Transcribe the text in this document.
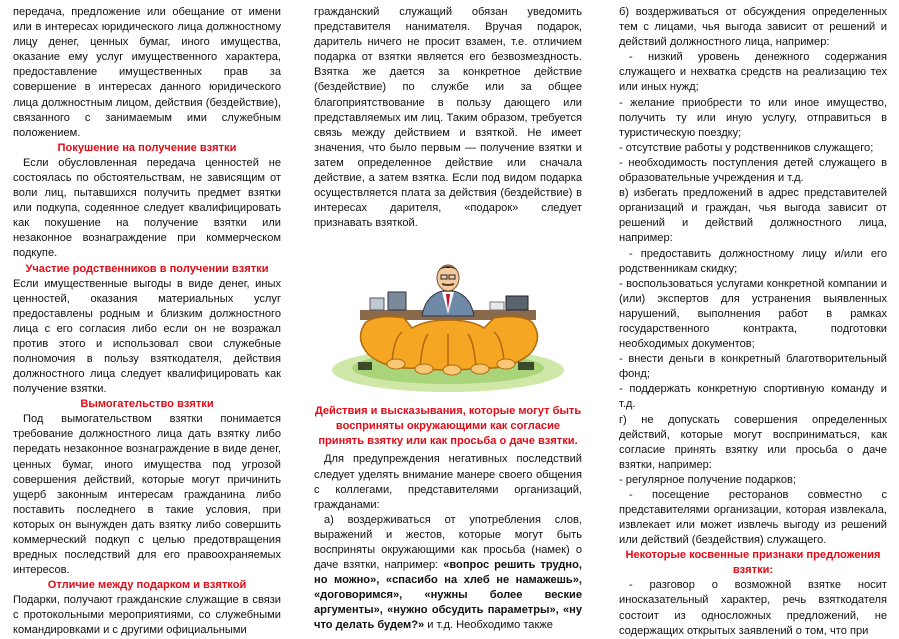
передача, предложение или обещание от имени или в интересах юридического лица должностному лицу денег, ценных бумаг, иного имущества, оказание ему услуг имущественного характера, предоставление имущественных прав за совершение в интересах данного юридического лица должностным лицом, действия (бездействие), связанного с занимаемым ими служебным положением.

Покушение на получение взятки

Если обусловленная передача ценностей не состоялась по обстоятельствам, не зависящим от воли лиц, пытавшихся получить предмет взятки или подкупа, содеянное следует квалифицировать как покушение на получение взятки или незаконное вознаграждение при коммерческом подкупе.

Участие родственников в получении взятки

Если имущественные выгоды в виде денег, иных ценностей, оказания материальных услуг предоставлены родным и близким должностного лица с его согласия либо если он не возражал против этого и использовал свои служебные полномочия в пользу взяткодателя, действия должностного лица следует квалифицировать как получение взятки.

Вымогательство взятки

Под вымогательством взятки понимается требование должностного лица дать взятку либо передать незаконное вознаграждение в виде денег, ценных бумаг, иного имущества под угрозой совершения действий, которые могут причинить ущерб законным интересам гражданина либо поставить последнего в такие условия, при которых он вынужден дать взятку либо совершить коммерческий подкуп с целью предотвращения вредных последствий для его правоохраняемых интересов.

Отличие между подарком и взяткой

Подарки, получают гражданские служащие в связи с протокольными мероприятиями, со служебными командировками и с другими официальными

гражданский служащий обязан уведомить представителя нанимателя. Вручая подарок, даритель ничего не просит взамен, т.е. отличием подарка от взятки является его безвозмездность. Взятка же дается за конкретное действие (бездействие) по службе или за общее благоприятствование в пользу дающего или представляемых им лиц. Таким образом, требуется связь между действием и взяткой. Не имеет значения, что было первым — получение взятки и затем определенное действие или сначала действие, а затем взятка. Если под видом подарка осуществляется плата за действия (бездействие) в интересах дарителя, «подарок» следует признавать взяткой.

Действия и высказывания, которые могут быть восприняты окружающими как согласие принять взятку или как просьба о даче взятки.

Для предупреждения негативных последствий следует уделять внимание манере своего общения с коллегами, представителями организаций, гражданами:

а) воздерживаться от употребления слов, выражений и жестов, которые могут быть восприняты окружающими как просьба (намек) о даче взятки, например: «вопрос решить трудно, но можно», «спасибо на хлеб не намажешь», «договоримся», «нужны более веские аргументы», «нужно обсудить параметры», «ну что делать будем?» и т.д. Необходимо также

б) воздерживаться от обсуждения определенных тем с лицами, чья выгода зависит от решений и действий должностного лица, например:

- низкий уровень денежного содержания служащего и нехватка средств на реализацию тех или иных нужд;

- желание приобрести то или иное имущество, получить ту или иную услугу, отправиться в туристическую поездку;

- отсутствие работы у родственников служащего;

- необходимость поступления детей служащего в образовательные учреждения и т.д.

в) избегать предложений в адрес представителей организаций и граждан, чья выгода зависит от решений и действий должностного лица, например:

- предоставить должностному лицу и/или его родственникам скидку;

- воспользоваться услугами конкретной компании и (или) экспертов для устранения выявленных нарушений, выполнения работ в рамках государственного контракта, подготовки необходимых документов;

- внести деньги в конкретный благотворительный фонд;

- поддержать конкретную спортивную команду и т.д.

г) не допускать совершения определенных действий, которые могут восприниматься, как согласие принять взятку или просьба о даче взятки, например:

- регулярное получение подарков;

- посещение ресторанов совместно с представителями организации, которая извлекала, извлекает или может извлечь выгоду из решений или действий (бездействия) служащего.

Некоторые косвенные признаки предложения взятки:

- разговор о возможной взятке носит иносказательный характер, речь взяткодателя состоит из односложных предложений, не содержащих открытых заявлений о том, что при
